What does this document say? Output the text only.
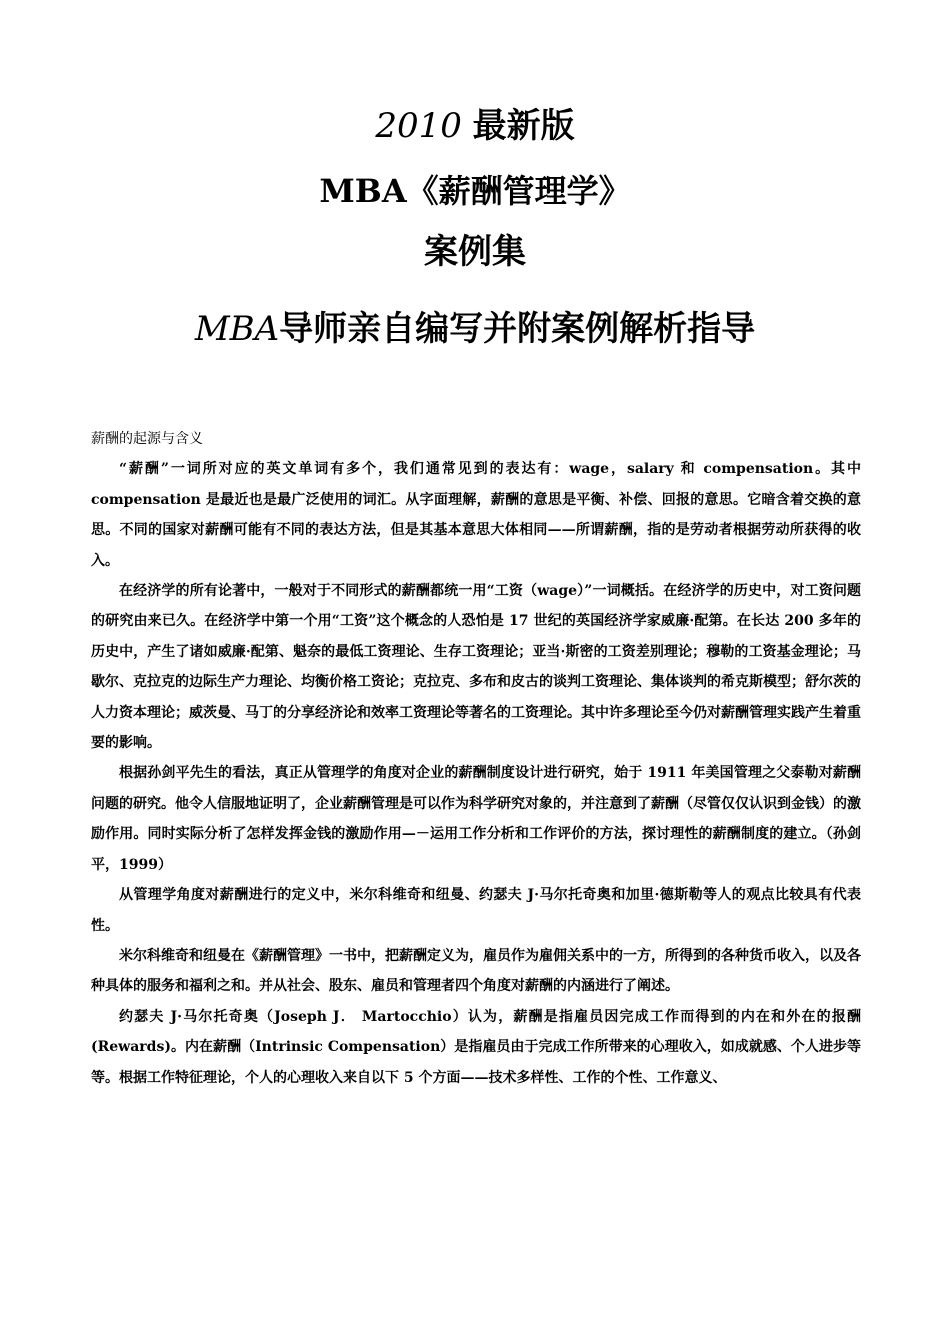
2010 最新版
MBA《薪酬管理学》
案例集
MBA导师亲自编写并附案例解析指导

薪酬的起源与含义

“薪酬”一词所对应的英文单词有多个，我们通常见到的表达有：wage，salary 和 compensation。其中 compensation 是最近也是最广泛使用的词汇。从字面理解，薪酬的意思是平衡、补偿、回报的意思。它暗含着交换的意思。不同的国家对薪酬可能有不同的表达方法，但是其基本意思大体相同——所谓薪酬，指的是劳动者根据劳动所获得的收入。

在经济学的所有论著中，一般对于不同形式的薪酬都统一用“工资（wage）”一词概括。在经济学的历史中，对工资问题的研究由来已久。在经济学中第一个用“工资”这个概念的人恐怕是 17 世纪的英国经济学家威廉·配第。在长达 200 多年的历史中，产生了诸如威廉·配第、魁奈的最低工资理论、生存工资理论；亚当·斯密的工资差别理论；穆勒的工资基金理论；马歇尔、克拉克的边际生产力理论、均衡价格工资论；克拉克、多布和皮古的谈判工资理论、集体谈判的希克斯模型；舒尔茨的人力资本理论；威茨曼、马丁的分享经济论和效率工资理论等著名的工资理论。其中许多理论至今仍对薪酬管理实践产生着重要的影响。

根据孙剑平先生的看法，真正从管理学的角度对企业的薪酬制度设计进行研究，始于 1911 年美国管理之父泰勒对薪酬问题的研究。他令人信服地证明了，企业薪酬管理是可以作为科学研究对象的，并注意到了薪酬（尽管仅仅认识到金钱）的激励作用。同时实际分析了怎样发挥金钱的激励作用—－运用工作分析和工作评价的方法，探讨理性的薪酬制度的建立。（孙剑平，1999）

从管理学角度对薪酬进行的定义中，米尔科维奇和纽曼、约瑟夫 J·马尔托奇奥和加里·德斯勒等人的观点比较具有代表性。

米尔科维奇和纽曼在《薪酬管理》一书中，把薪酬定义为，雇员作为雇佣关系中的一方，所得到的各种货币收入，以及各种具体的服务和福利之和。并从社会、股东、雇员和管理者四个角度对薪酬的内涵进行了阐述。

约瑟夫 J·马尔托奇奥（Joseph J． Martocchio）认为，薪酬是指雇员因完成工作而得到的内在和外在的报酬(Rewards)。内在薪酬（Intrinsic Compensation）是指雇员由于完成工作所带来的心理收入，如成就感、个人进步等等。根据工作特征理论，个人的心理收入来自以下 5 个方面——技术多样性、工作的个性、工作意义、
